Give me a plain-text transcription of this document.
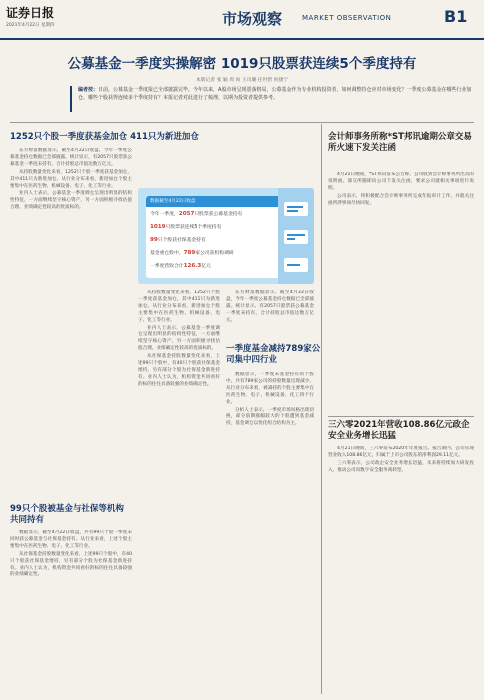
证券日报
2021年4月22日 星期四	市场观察	MARKET OBSERVATION	B1
公募基金一季度实操解密 1019只股票获连续5个季度持有
本版记者 张 颖 周 尚 王司璐 任世碧 侯捷宁
编者按：日前，公募基金一季度报已全部披露完毕。今年以来，A股市场呈现震荡格局，公募基金作为专业机构投资者，如何调整持仓应对市场变化？一季度公募基金在哪些行业加仓、哪些个股获得连续多个季度持有？本报记者对此进行了梳理，以期为投资者提供参考。
1252只个股一季度获基金加仓 411只为新进加仓

东方财富数据显示，截至4月22日收盘，今年一季度公募基金持仓数据已全部披露。统计显示，有2057只股票获公募基金一季度末持有，合计持股总市值达数万亿元。

从持股数量变化来看，1252只个股一季度获基金加仓，其中411只为新进加仓。从行业分布来看，新进加仓个股主要集中在医药生物、机械设备、电子、化工等行业。

业内人士表示，公募基金一季度调仓呈现出明显的结构性特征，一方面继续坚守核心资产，另一方面积极寻找估值合理、业绩确定性较高的优质标的。

数据截至4月22日收盘
今年一季度，2057只股票获公募基金持有
1019只股票获连续5个季度持有
99只个股获社保基金持有
基金重仓股中，789家公司获机构调研
一季度营收合计126.3亿元

从持股数量变化来看，1252只个股一季度获基金加仓，其中411只为新进加仓。从行业分布来看，新进加仓个股主要集中在医药生物、机械设备、电子、化工等行业。

业内人士表示，公募基金一季度调仓呈现出明显的结构性特征，一方面继续坚守核心资产，另一方面积极寻找估值合理、业绩确定性较高的优质标的。

从社保基金持股数量变化来看，上述99只个股中，有40只个股获社保基金增持，另有部分个股为社保基金新进持有。业内人士认为，机构资金共同看好的标的往往具备较强的业绩确定性。

东方财富数据显示，截至4月22日收盘，今年一季度公募基金持仓数据已全部披露。统计显示，有2057只股票获公募基金一季度末持有，合计持股总市值达数万亿元。

一季度基金减持789家公司集中四行业

数据显示，一季度末基金持有的个股中，共有789家公司的持股数量出现减少。从行业分布来看，被减持的个股主要集中在医药生物、电子、机械设备、化工四个行业。

分析人士表示，一季度市场风格出现切换，部分前期涨幅较大的个股遭到基金减持，基金调仓以优化组合结构为主。

99只个股被基金与社保等机构共同持有

数据显示，截至4月22日收盘，共有99只个股一季度末同时获公募基金与社保基金持有。从行业来看，上述个股主要集中在医药生物、电子、化工等行业。

从社保基金持股数量变化来看，上述99只个股中，有40只个股获社保基金增持，另有部分个股为社保基金新进持有。业内人士认为，机构资金共同看好的标的往往具备较强的业绩确定性。

会计师事务所称*ST邦讯逾期公章交易所火速下发关注函

4月21日晚间，*ST邦讯发布公告称，公司收到会计师事务所出具的说明函。深交所随即向公司下发关注函，要求公司就相关事项进行说明。

公司表示，将积极配合会计师事务所完成年报审计工作，并就关注函所涉事项尽快回复。

三六零2021年营收108.86亿元政企安全业务增长迅猛

4月21日晚间，三六零发布2020年年度报告。报告期内，公司实现营业收入108.86亿元，归属于上市公司股东的净利润29.11亿元。

三六零表示，公司政企安全业务增长迅猛，未来将持续加大研发投入，推动公司向数字安全服务商转型。
